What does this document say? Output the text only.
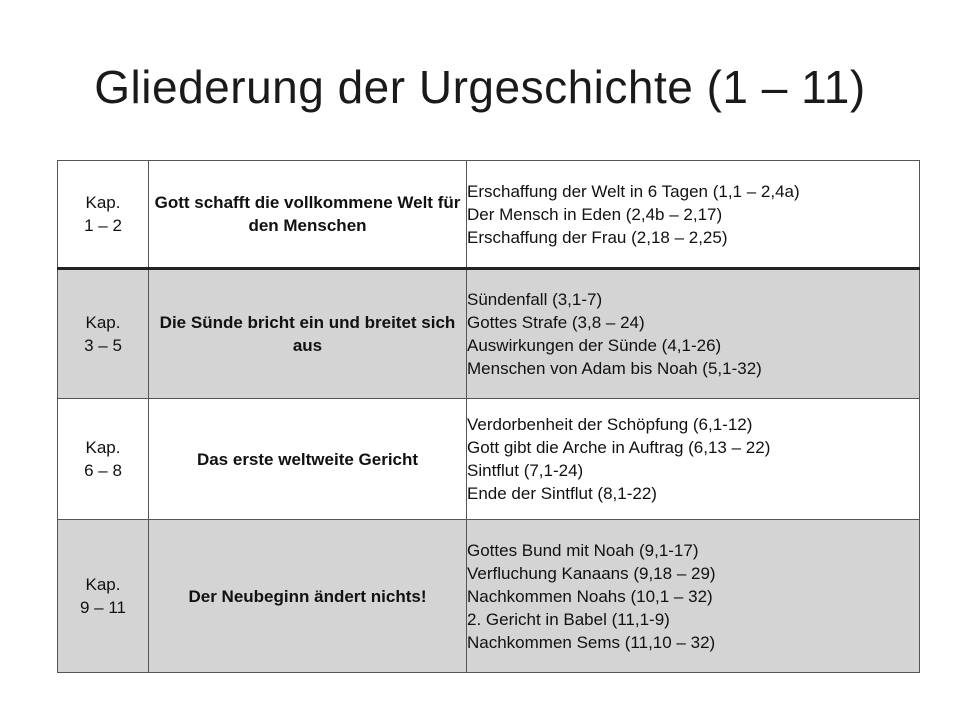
Gliederung der Urgeschichte (1 – 11)
Kap.
1 – 2	Gott schafft die vollkommene Welt für den Menschen	Erschaffung der Welt in 6 Tagen (1,1 – 2,4a)
Der Mensch in Eden (2,4b – 2,17)
Erschaffung der Frau (2,18 – 2,25)

Kap.
3 – 5	Die Sünde bricht ein und breitet sich aus	Sündenfall (3,1-7)
Gottes Strafe (3,8 – 24)
Auswirkungen der Sünde (4,1-26)
Menschen von Adam bis Noah (5,1-32)

Kap.
6 – 8	Das erste weltweite Gericht	Verdorbenheit der Schöpfung (6,1-12)
Gott gibt die Arche in Auftrag (6,13 – 22)
Sintflut (7,1-24)
Ende der Sintflut (8,1-22)

Kap.
9 – 11	Der Neubeginn ändert nichts!	Gottes Bund mit Noah (9,1-17)
Verfluchung Kanaans (9,18 – 29)
Nachkommen Noahs (10,1 – 32)
2. Gericht in Babel (11,1-9)
Nachkommen Sems (11,10 – 32)
